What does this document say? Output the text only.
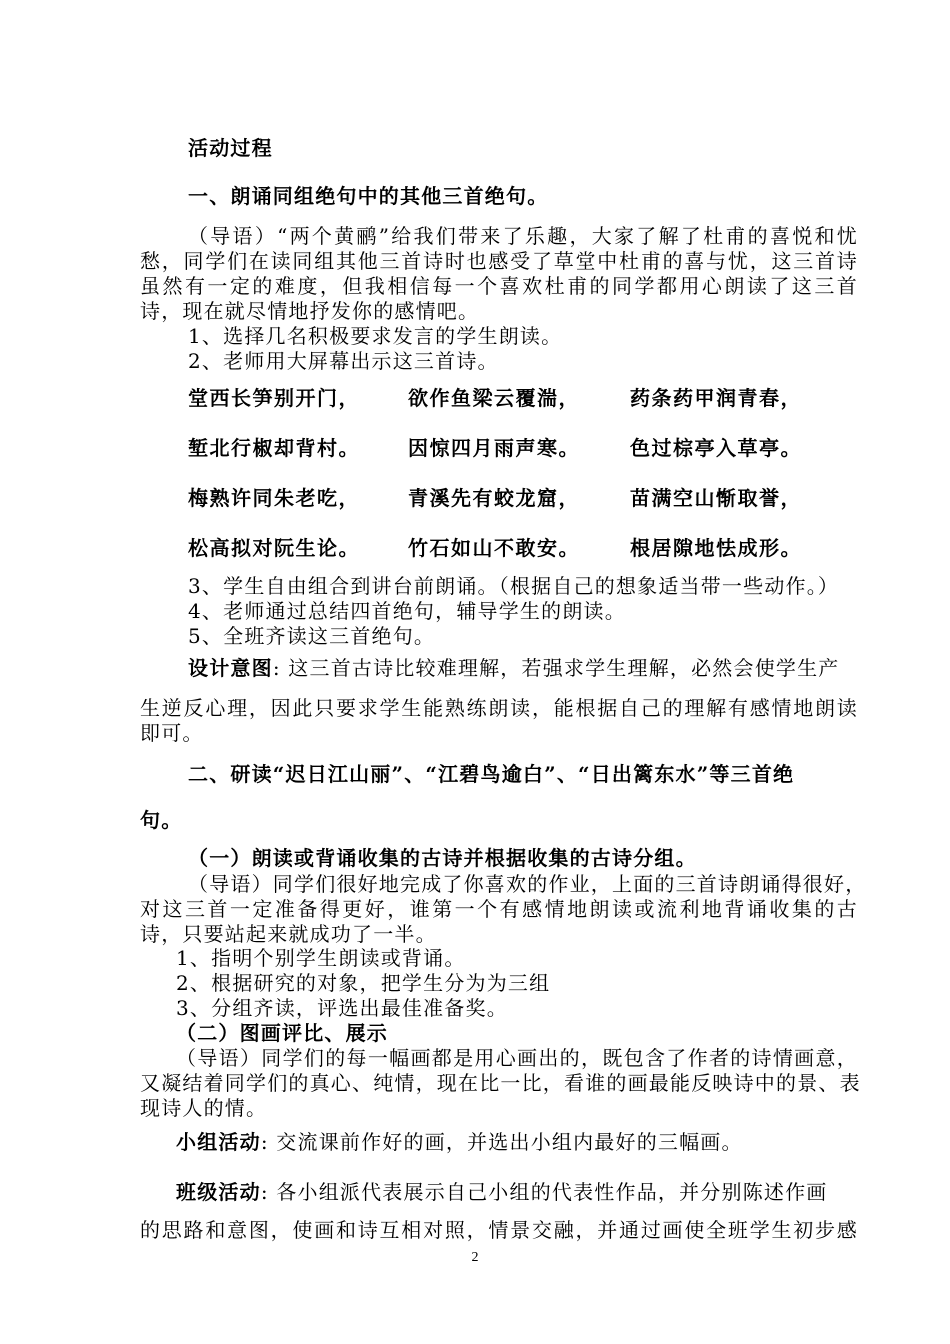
活动过程
一、朗诵同组绝句中的其他三首绝句。
（导语）“两个黄鹂”给我们带来了乐趣，大家了解了杜甫的喜悦和忧
愁，同学们在读同组其他三首诗时也感受了草堂中杜甫的喜与忧，这三首诗
虽然有一定的难度，但我相信每一个喜欢杜甫的同学都用心朗读了这三首
诗，现在就尽情地抒发你的感情吧。
1、选择几名积极要求发言的学生朗读。
2、老师用大屏幕出示这三首诗。
堂西长笋别开门， 欲作鱼梁云覆湍，	药条药甲润青春，
堑北行椒却背村。 因惊四月雨声寒。	色过棕亭入草亭。
梅熟许同朱老吃， 青溪先有蛟龙窟，	苗满空山惭取誉，
松高拟对阮生论。 竹石如山不敢安。	根居隙地怯成形。
3、学生自由组合到讲台前朗诵。（根据自己的想象适当带一些动作。）
4、老师通过总结四首绝句，辅导学生的朗读。
5、全班齐读这三首绝句。
设计意图: 这三首古诗比较难理解，若强求学生理解，必然会使学生产
生逆反心理，因此只要求学生能熟练朗读，能根据自己的理解有感情地朗读
即可。
二、研读“迟日江山丽”、“江碧鸟逾白”、“日出篱东水”等三首绝
句。
（一）朗读或背诵收集的古诗并根据收集的古诗分组。
（导语）同学们很好地完成了你喜欢的作业，上面的三首诗朗诵得很好，
对这三首一定准备得更好，谁第一个有感情地朗读或流利地背诵收集的古
诗，只要站起来就成功了一半。
1、指明个别学生朗读或背诵。
2、根据研究的对象，把学生分为为三组
3、分组齐读，评选出最佳准备奖。
（二）图画评比、展示
（导语）同学们的每一幅画都是用心画出的，既包含了作者的诗情画意，
又凝结着同学们的真心、纯情，现在比一比，看谁的画最能反映诗中的景、表
现诗人的情。
小组活动: 交流课前作好的画，并选出小组内最好的三幅画。
班级活动: 各小组派代表展示自己小组的代表性作品，并分别陈述作画
的思路和意图，使画和诗互相对照，情景交融，并通过画使全班学生初步感
2
